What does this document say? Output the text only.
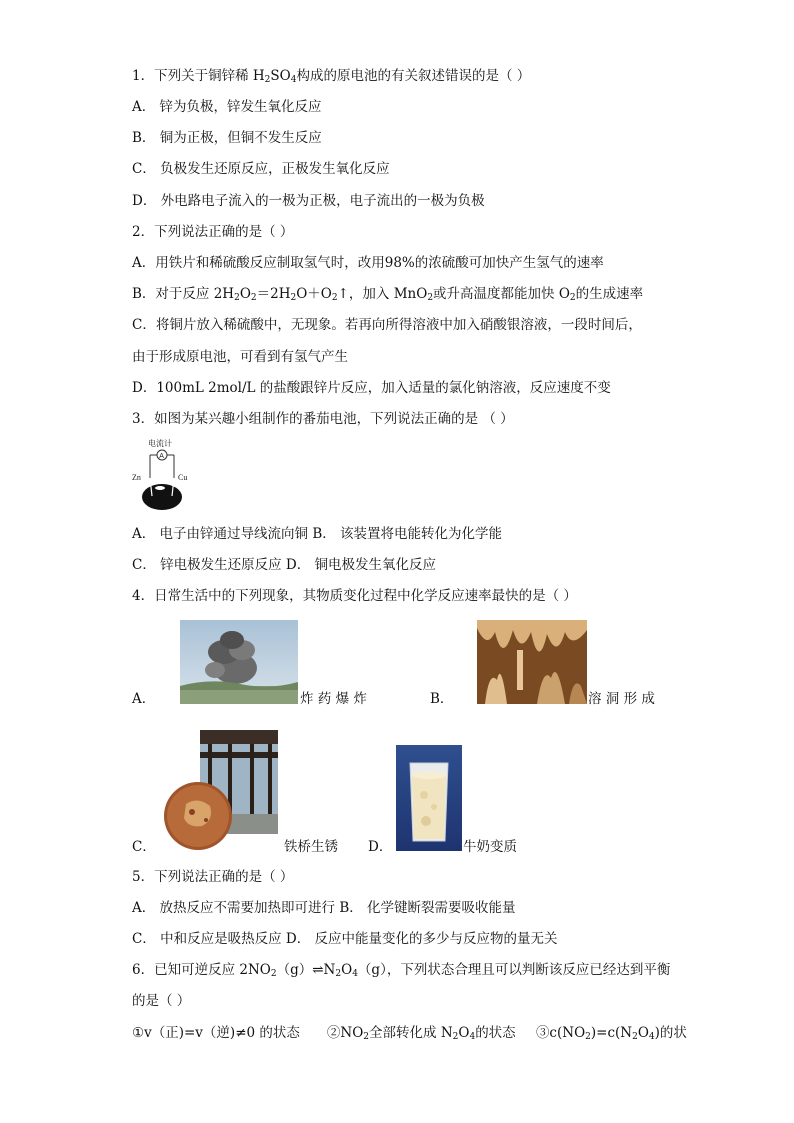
1．下列关于铜锌稀 $H_2SO_4$构成的原电池的有关叙述错误的是（ ）
A． 锌为负极，锌发生氧化反应
B． 铜为正极，但铜不发生反应
C． 负极发生还原反应，正极发生氧化反应
D． 外电路电子流入的一极为正极，电子流出的一极为负极
2．下列说法正确的是（ ）
A．用铁片和稀硫酸反应制取氢气时，改用98%的浓硫酸可加快产生氢气的速率
B．对于反应 $2H_2O_2=2H_2O+O_2↑$，加入 MnO$_2$或升高温度都能加快 $O_2$的生成速率
C．将铜片放入稀硫酸中，无现象。若再向所得溶液中加入硝酸银溶液，一段时间后，
由于形成原电池，可看到有氢气产生
D．100mL 2mol/L 的盐酸跟锌片反应，加入适量的氯化钠溶液，反应速度不变
3．如图为某兴趣小组制作的番茄电池，下列说法正确的是 （ ）
电流计
A
Zn	Cu
A． 电子由锌通过导线流向铜 B． 该装置将电能转化为化学能
C． 锌电极发生还原反应 D． 铜电极发生氧化反应
4．日常生活中的下列现象，其物质变化过程中化学反应速率最快的是（ ）
A．	炸 药 爆 炸	B．	溶 洞 形 成
C．	铁桥生锈 D．	牛奶变质
5．下列说法正确的是（ ）
A． 放热反应不需要加热即可进行 B． 化学键断裂需要吸收能量
C． 中和反应是吸热反应 D． 反应中能量变化的多少与反应物的量无关
6．已知可逆反应 $2NO_2(g)\rightleftharpoons N_2O_4(g)$，下列状态合理且可以判断该反应已经达到平衡
的是（ ）
①v（正)=v（逆)≠0 的状态   $②NO_2$全部转化成 $N_2O_4$的状态   $③c(NO_2)=c(N_2O_4)$的状
